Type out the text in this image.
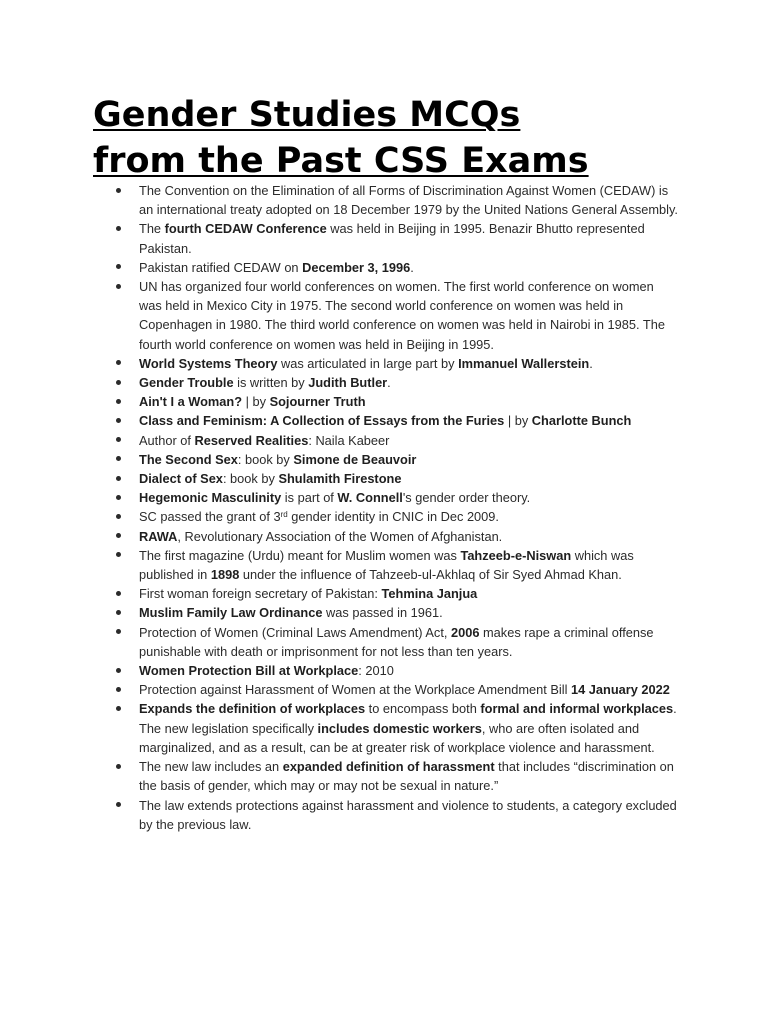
Gender Studies MCQs
from the Past CSS Exams
The Convention on the Elimination of all Forms of Discrimination Against Women (CEDAW) is an international treaty adopted on 18 December 1979 by the United Nations General Assembly.
The fourth CEDAW Conference was held in Beijing in 1995. Benazir Bhutto represented Pakistan.
Pakistan ratified CEDAW on December 3, 1996.
UN has organized four world conferences on women. The first world conference on women was held in Mexico City in 1975. The second world conference on women was held in Copenhagen in 1980. The third world conference on women was held in Nairobi in 1985. The fourth world conference on women was held in Beijing in 1995.
World Systems Theory was articulated in large part by Immanuel Wallerstein.
Gender Trouble is written by Judith Butler.
Ain't I a Woman? | by Sojourner Truth
Class and Feminism: A Collection of Essays from the Furies | by Charlotte Bunch
Author of Reserved Realities: Naila Kabeer
The Second Sex: book by Simone de Beauvoir
Dialect of Sex: book by Shulamith Firestone
Hegemonic Masculinity is part of W. Connell's gender order theory.
SC passed the grant of 3rd gender identity in CNIC in Dec 2009.
RAWA, Revolutionary Association of the Women of Afghanistan.
The first magazine (Urdu) meant for Muslim women was Tahzeeb-e-Niswan which was published in 1898 under the influence of Tahzeeb-ul-Akhlaq of Sir Syed Ahmad Khan.
First woman foreign secretary of Pakistan: Tehmina Janjua
Muslim Family Law Ordinance was passed in 1961.
Protection of Women (Criminal Laws Amendment) Act, 2006 makes rape a criminal offense punishable with death or imprisonment for not less than ten years.
Women Protection Bill at Workplace: 2010
Protection against Harassment of Women at the Workplace Amendment Bill 14 January 2022
Expands the definition of workplaces to encompass both formal and informal workplaces. The new legislation specifically includes domestic workers, who are often isolated and marginalized, and as a result, can be at greater risk of workplace violence and harassment.
The new law includes an expanded definition of harassment that includes “discrimination on the basis of gender, which may or may not be sexual in nature.”
The law extends protections against harassment and violence to students, a category excluded by the previous law.
